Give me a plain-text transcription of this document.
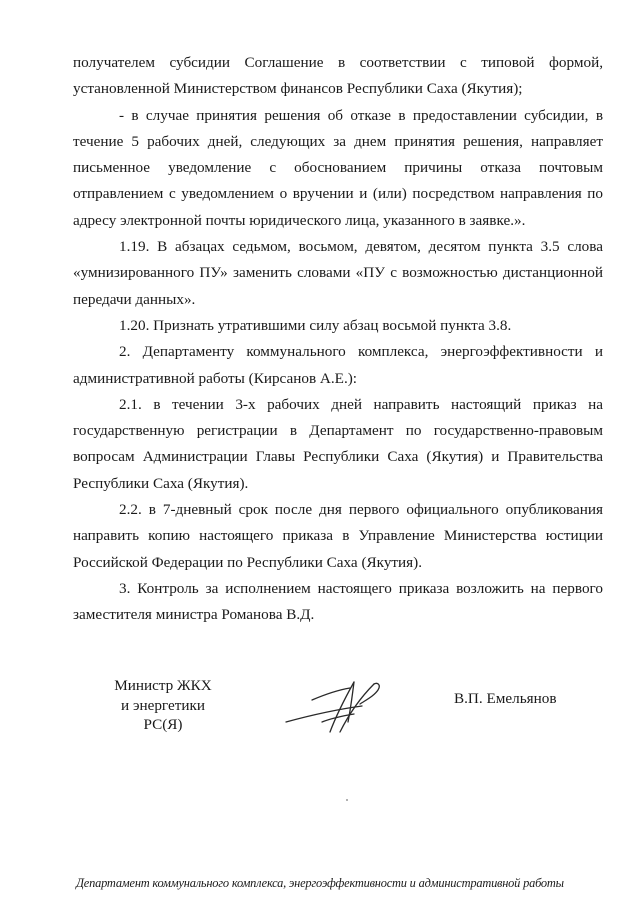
получателем субсидии Соглашение в соответствии с типовой формой, установленной Министерством финансов Республики Саха (Якутия);

- в случае принятия решения об отказе в предоставлении субсидии, в течение 5 рабочих дней, следующих за днем принятия решения, направляет письменное уведомление с обоснованием причины отказа почтовым отправлением с уведомлением о вручении и (или) посредством направления по адресу электронной почты юридического лица, указанного в заявке.».

1.19. В абзацах седьмом, восьмом, девятом, десятом пункта 3.5 слова «умнизированного ПУ» заменить словами «ПУ с возможностью дистанционной передачи данных».

1.20. Признать утратившими силу абзац восьмой пункта 3.8.

2. Департаменту коммунального комплекса, энергоэффективности и административной работы (Кирсанов А.Е.):

2.1. в течении 3-х рабочих дней направить настоящий приказ на государственную регистрации в Департамент по государственно-правовым вопросам Администрации Главы Республики Саха (Якутия) и Правительства Республики Саха (Якутия).

2.2. в 7-дневный срок после дня первого официального опубликования направить копию настоящего приказа в Управление Министерства юстиции Российской Федерации по Республики Саха (Якутия).

3. Контроль за исполнением настоящего приказа возложить на первого заместителя министра Романова В.Д.

Министр ЖКХ
и энергетики
РС(Я)
В.П. Емельянов
Департамент коммунального комплекса, энергоэффективности и административной работы
